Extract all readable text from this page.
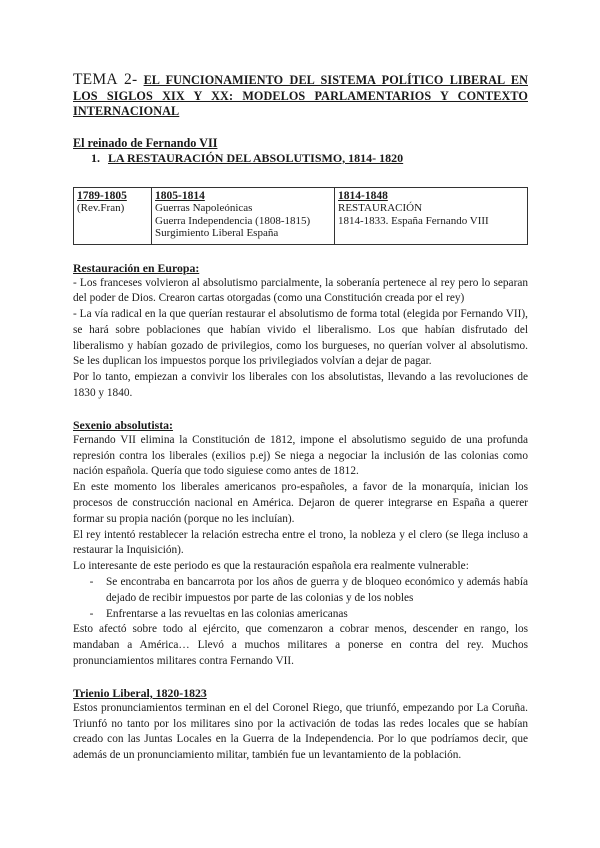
TEMA 2- EL FUNCIONAMIENTO DEL SISTEMA POLÍTICO LIBERAL EN LOS SIGLOS XIX Y XX: MODELOS PARLAMENTARIOS Y CONTEXTO INTERNACIONAL
El reinado de Fernando VII
1. LA RESTAURACIÓN DEL ABSOLUTISMO, 1814- 1820
1789-1805
(Rev.Fran)

1805-1814
Guerras Napoleónicas
Guerra Independencia (1808-1815)
Surgimiento Liberal España

1814-1848
RESTAURACIÓN
1814-1833. España Fernando VIII
Restauración en Europa:
- Los franceses volvieron al absolutismo parcialmente, la soberanía pertenece al rey pero lo separan del poder de Dios. Crearon cartas otorgadas (como una Constitución creada por el rey)
- La vía radical en la que querían restaurar el absolutismo de forma total (elegida por Fernando VII), se hará sobre poblaciones que habían vivido el liberalismo. Los que habían disfrutado del liberalismo y habían gozado de privilegios, como los burgueses, no querían volver al absolutismo. Se les duplican los impuestos porque los privilegiados volvían a dejar de pagar.
Por lo tanto, empiezan a convivir los liberales con los absolutistas, llevando a las revoluciones de 1830 y 1840.
Sexenio absolutista:
Fernando VII elimina la Constitución de 1812, impone el absolutismo seguido de una profunda represión contra los liberales (exilios p.ej) Se niega a negociar la inclusión de las colonias como nación española. Quería que todo siguiese como antes de 1812.
En este momento los liberales americanos pro-españoles, a favor de la monarquía, inician los procesos de construcción nacional en América. Dejaron de querer integrarse en España a querer formar su propia nación (porque no les incluían).
El rey intentó restablecer la relación estrecha entre el trono, la nobleza y el clero (se llega incluso a restaurar la Inquisición).
Lo interesante de este periodo es que la restauración española era realmente vulnerable:
-	Se encontraba en bancarrota por los años de guerra y de bloqueo económico y además había dejado de recibir impuestos por parte de las colonias y de los nobles
-	Enfrentarse a las revueltas en las colonias americanas
Esto afectó sobre todo al ejército, que comenzaron a cobrar menos, descender en rango, los mandaban a América… Llevó a muchos militares a ponerse en contra del rey. Muchos pronunciamientos militares contra Fernando VII.
Trienio Liberal, 1820-1823
Estos pronunciamientos terminan en el del Coronel Riego, que triunfó, empezando por La Coruña. Triunfó no tanto por los militares sino por la activación de todas las redes locales que se habían creado con las Juntas Locales en la Guerra de la Independencia. Por lo que podríamos decir, que además de un pronunciamiento militar, también fue un levantamiento de la población.
